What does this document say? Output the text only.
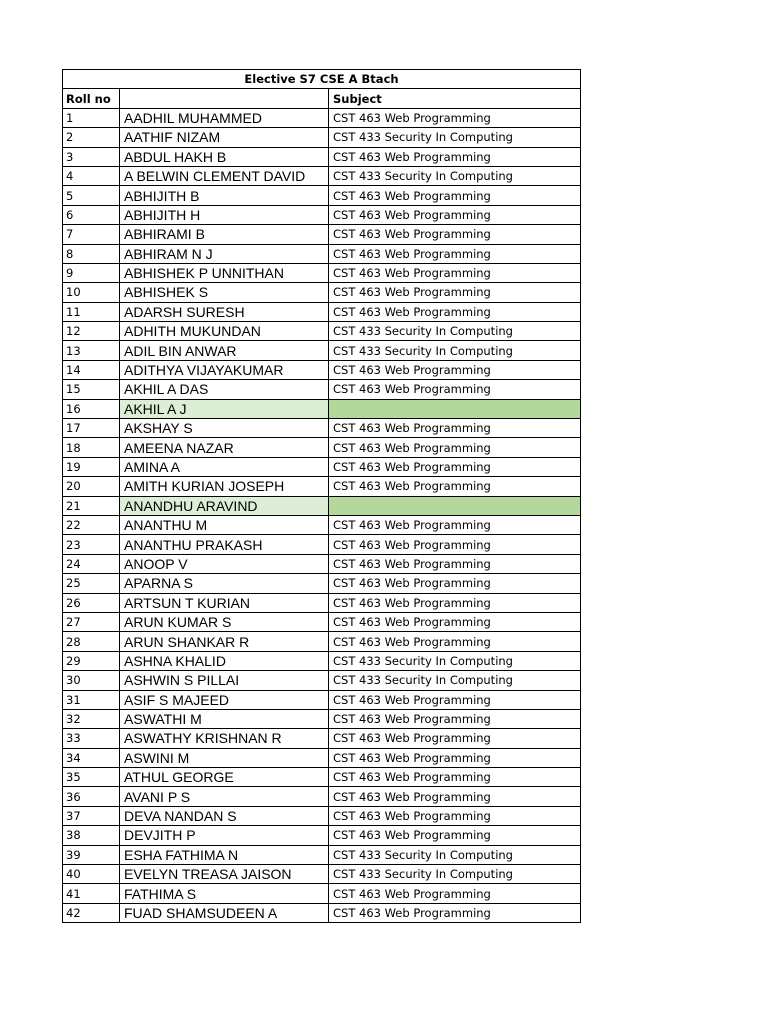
Elective S7 CSE A Btach		
Roll no		Subject
1	AADHIL MUHAMMED	CST 463 Web Programming
2	AATHIF NIZAM	CST 433 Security In Computing
3	ABDUL HAKH B	CST 463 Web Programming
4	A BELWIN CLEMENT DAVID	CST 433 Security In Computing
5	ABHIJITH B	CST 463 Web Programming
6	ABHIJITH H	CST 463 Web Programming
7	ABHIRAMI B	CST 463 Web Programming
8	ABHIRAM N J	CST 463 Web Programming
9	ABHISHEK P UNNITHAN	CST 463 Web Programming
10	ABHISHEK S	CST 463 Web Programming
11	ADARSH SURESH	CST 463 Web Programming
12	ADHITH MUKUNDAN	CST 433 Security In Computing
13	ADIL BIN ANWAR	CST 433 Security In Computing
14	ADITHYA VIJAYAKUMAR	CST 463 Web Programming
15	AKHIL A DAS	CST 463 Web Programming
16	AKHIL A J	
17	AKSHAY S	CST 463 Web Programming
18	AMEENA NAZAR	CST 463 Web Programming
19	AMINA A	CST 463 Web Programming
20	AMITH KURIAN JOSEPH	CST 463 Web Programming
21	ANANDHU ARAVIND	
22	ANANTHU M	CST 463 Web Programming
23	ANANTHU PRAKASH	CST 463 Web Programming
24	ANOOP V	CST 463 Web Programming
25	APARNA S	CST 463 Web Programming
26	ARTSUN T KURIAN	CST 463 Web Programming
27	ARUN KUMAR S	CST 463 Web Programming
28	ARUN SHANKAR R	CST 463 Web Programming
29	ASHNA KHALID	CST 433 Security In Computing
30	ASHWIN S PILLAI	CST 433 Security In Computing
31	ASIF S MAJEED	CST 463 Web Programming
32	ASWATHI M	CST 463 Web Programming
33	ASWATHY KRISHNAN R	CST 463 Web Programming
34	ASWINI M	CST 463 Web Programming
35	ATHUL GEORGE	CST 463 Web Programming
36	AVANI P S	CST 463 Web Programming
37	DEVA NANDAN S	CST 463 Web Programming
38	DEVJITH P	CST 463 Web Programming
39	ESHA FATHIMA N	CST 433 Security In Computing
40	EVELYN TREASA JAISON	CST 433 Security In Computing
41	FATHIMA S	CST 463 Web Programming
42	FUAD SHAMSUDEEN A	CST 463 Web Programming
